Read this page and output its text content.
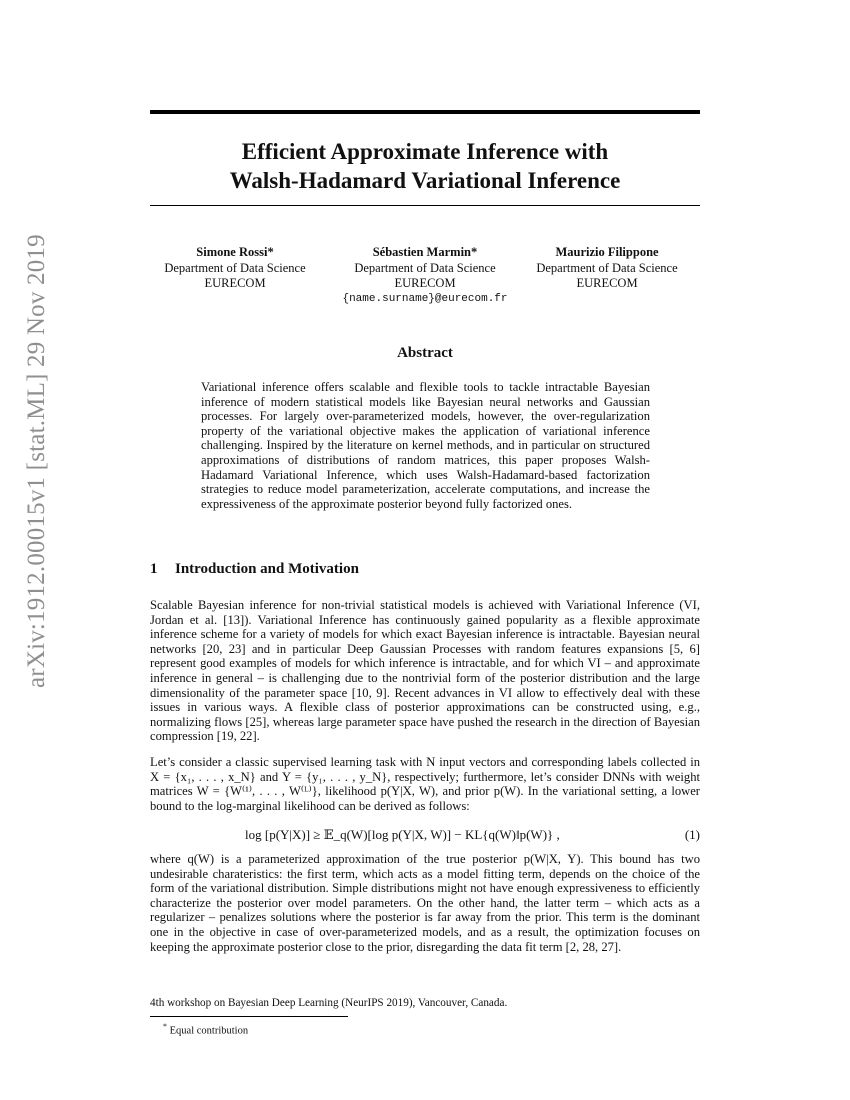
arXiv:1912.00015v1 [stat.ML] 29 Nov 2019
Efficient Approximate Inference with
Walsh-Hadamard Variational Inference
Simone Rossi*
Department of Data Science
EURECOM
Sébastien Marmin*
Department of Data Science
EURECOM
{name.surname}@eurecom.fr
Maurizio Filippone
Department of Data Science
EURECOM
Abstract

Variational inference offers scalable and flexible tools to tackle intractable Bayesian inference of modern statistical models like Bayesian neural networks and Gaussian processes. For largely over-parameterized models, however, the over-regularization property of the variational objective makes the application of variational inference challenging. Inspired by the literature on kernel methods, and in particular on structured approximations of distributions of random matrices, this paper proposes Walsh-Hadamard Variational Inference, which uses Walsh-Hadamard-based factorization strategies to reduce model parameterization, accelerate computations, and increase the expressiveness of the approximate posterior beyond fully factorized ones.

1 Introduction and Motivation

Scalable Bayesian inference for non-trivial statistical models is achieved with Variational Inference (VI, Jordan et al. [13]). Variational Inference has continuously gained popularity as a flexible approximate inference scheme for a variety of models for which exact Bayesian inference is intractable. Bayesian neural networks [20, 23] and in particular Deep Gaussian Processes with random features expansions [5, 6] represent good examples of models for which inference is intractable, and for which VI – and approximate inference in general – is challenging due to the nontrivial form of the posterior distribution and the large dimensionality of the parameter space [10, 9]. Recent advances in VI allow to effectively deal with these issues in various ways. A flexible class of posterior approximations can be constructed using, e.g., normalizing flows [25], whereas large parameter space have pushed the research in the direction of Bayesian compression [19, 22].

Let’s consider a classic supervised learning task with N input vectors and corresponding labels collected in X = {x₁, . . . , x_N} and Y = {y₁, . . . , y_N}, respectively; furthermore, let’s consider DNNs with weight matrices W = {W⁽¹⁾, . . . , W⁽ᴸ⁾}, likelihood p(Y|X, W), and prior p(W). In the variational setting, a lower bound to the log-marginal likelihood can be derived as follows:

log [p(Y|X)] ≥ 𝔼_q(W)[log p(Y|X, W)] − KL{q(W)‖p(W)} ,	(1)

where q(W) is a parameterized approximation of the true posterior p(W|X, Y). This bound has two undesirable charateristics: the first term, which acts as a model fitting term, depends on the choice of the form of the variational distribution. Simple distributions might not have enough expressiveness to efficiently characterize the posterior over model parameters. On the other hand, the latter term – which acts as a regularizer – penalizes solutions where the posterior is far away from the prior. This term is the dominant one in the objective in case of over-parameterized models, and as a result, the optimization focuses on keeping the approximate posterior close to the prior, disregarding the data fit term [2, 28, 27].

4th workshop on Bayesian Deep Learning (NeurIPS 2019), Vancouver, Canada.

* Equal contribution
